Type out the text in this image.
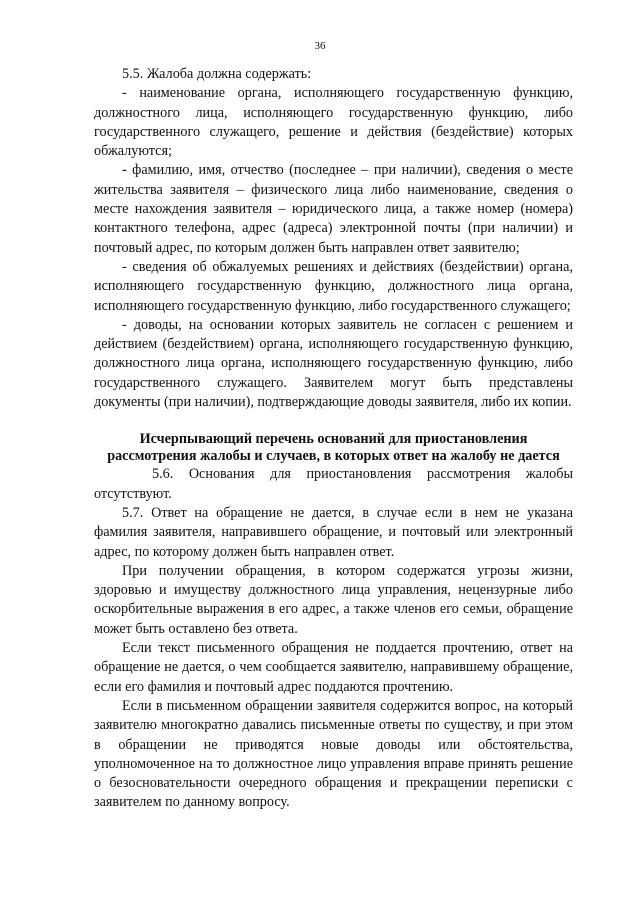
36

5.5. Жалоба должна содержать:

- наименование органа, исполняющего государственную функцию, должностного лица, исполняющего государственную функцию, либо государственного служащего, решение и действия (бездействие) которых обжалуются;

- фамилию, имя, отчество (последнее – при наличии), сведения о месте жительства заявителя – физического лица либо наименование, сведения о месте нахождения заявителя – юридического лица, а также номер (номера) контактного телефона, адрес (адреса) электронной почты (при наличии) и почтовый адрес, по которым должен быть направлен ответ заявителю;

- сведения об обжалуемых решениях и действиях (бездействии) органа, исполняющего государственную функцию, должностного лица органа, исполняющего государственную функцию, либо государственного служащего;

- доводы, на основании которых заявитель не согласен с решением и действием (бездействием) органа, исполняющего государственную функцию, должностного лица органа, исполняющего государственную функцию, либо государственного служащего. Заявителем могут быть представлены документы (при наличии), подтверждающие доводы заявителя, либо их копии.

Исчерпывающий перечень оснований для приостановления
рассмотрения жалобы и случаев, в которых ответ на жалобу не дается

5.6. Основания для приостановления рассмотрения жалобы

отсутствуют.

5.7. Ответ на обращение не дается, в случае если в нем не указана фамилия заявителя, направившего обращение, и почтовый или электронный адрес, по которому должен быть направлен ответ.

При получении обращения, в котором содержатся угрозы жизни, здоровью и имуществу должностного лица управления, нецензурные либо оскорбительные выражения в его адрес, а также членов его семьи, обращение может быть оставлено без ответа.

Если текст письменного обращения не поддается прочтению, ответ на обращение не дается, о чем сообщается заявителю, направившему обращение, если его фамилия и почтовый адрес поддаются прочтению.

Если в письменном обращении заявителя содержится вопрос, на который заявителю многократно давались письменные ответы по существу, и при этом в обращении не приводятся новые доводы или обстоятельства, уполномоченное на то должностное лицо управления вправе принять решение о безосновательности очередного обращения и прекращении переписки с заявителем по данному вопросу.
